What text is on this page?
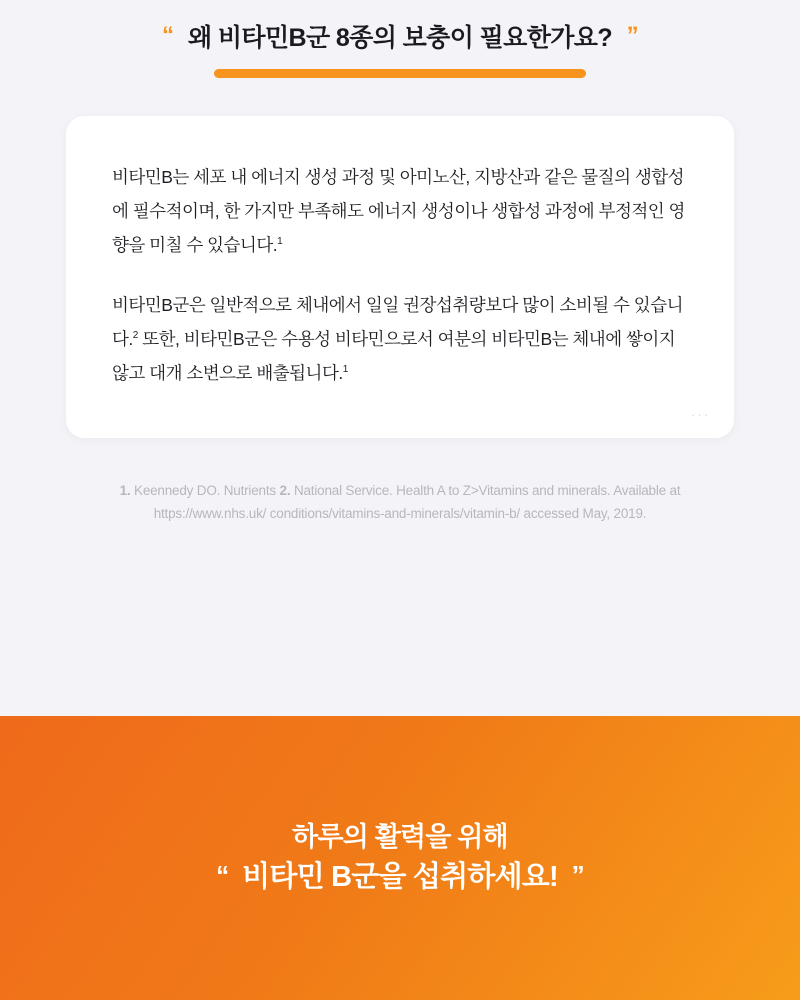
“ 왜 비타민B군 8종의 보충이 필요한가요? ”

비타민B는 세포 내 에너지 생성 과정 및 아미노산, 지방산과 같은 물질의 생합성에 필수적이며, 한 가지만 부족해도 에너지 생성이나 생합성 과정에 부정적인 영향을 미칠 수 있습니다.$^1$

비타민B군은 일반적으로 체내에서 일일 권장섭취량보다 많이 소비될 수 있습니다.$^2$ 또한, 비타민B군은 수용성 비타민으로서 여분의 비타민B는 체내에 쌓이지 않고 대개 소변으로 배출됩니다.$^1$

···
1. Keennedy DO. Nutrients 2. National Service. Health A to Z>Vitamins and minerals. Available at https://www.nhs.uk/ conditions/vitamins-and-minerals/vitamin-b/ accessed May, 2019.
하루의 활력을 위해
“ 비타민 B군을 섭취하세요! ”
